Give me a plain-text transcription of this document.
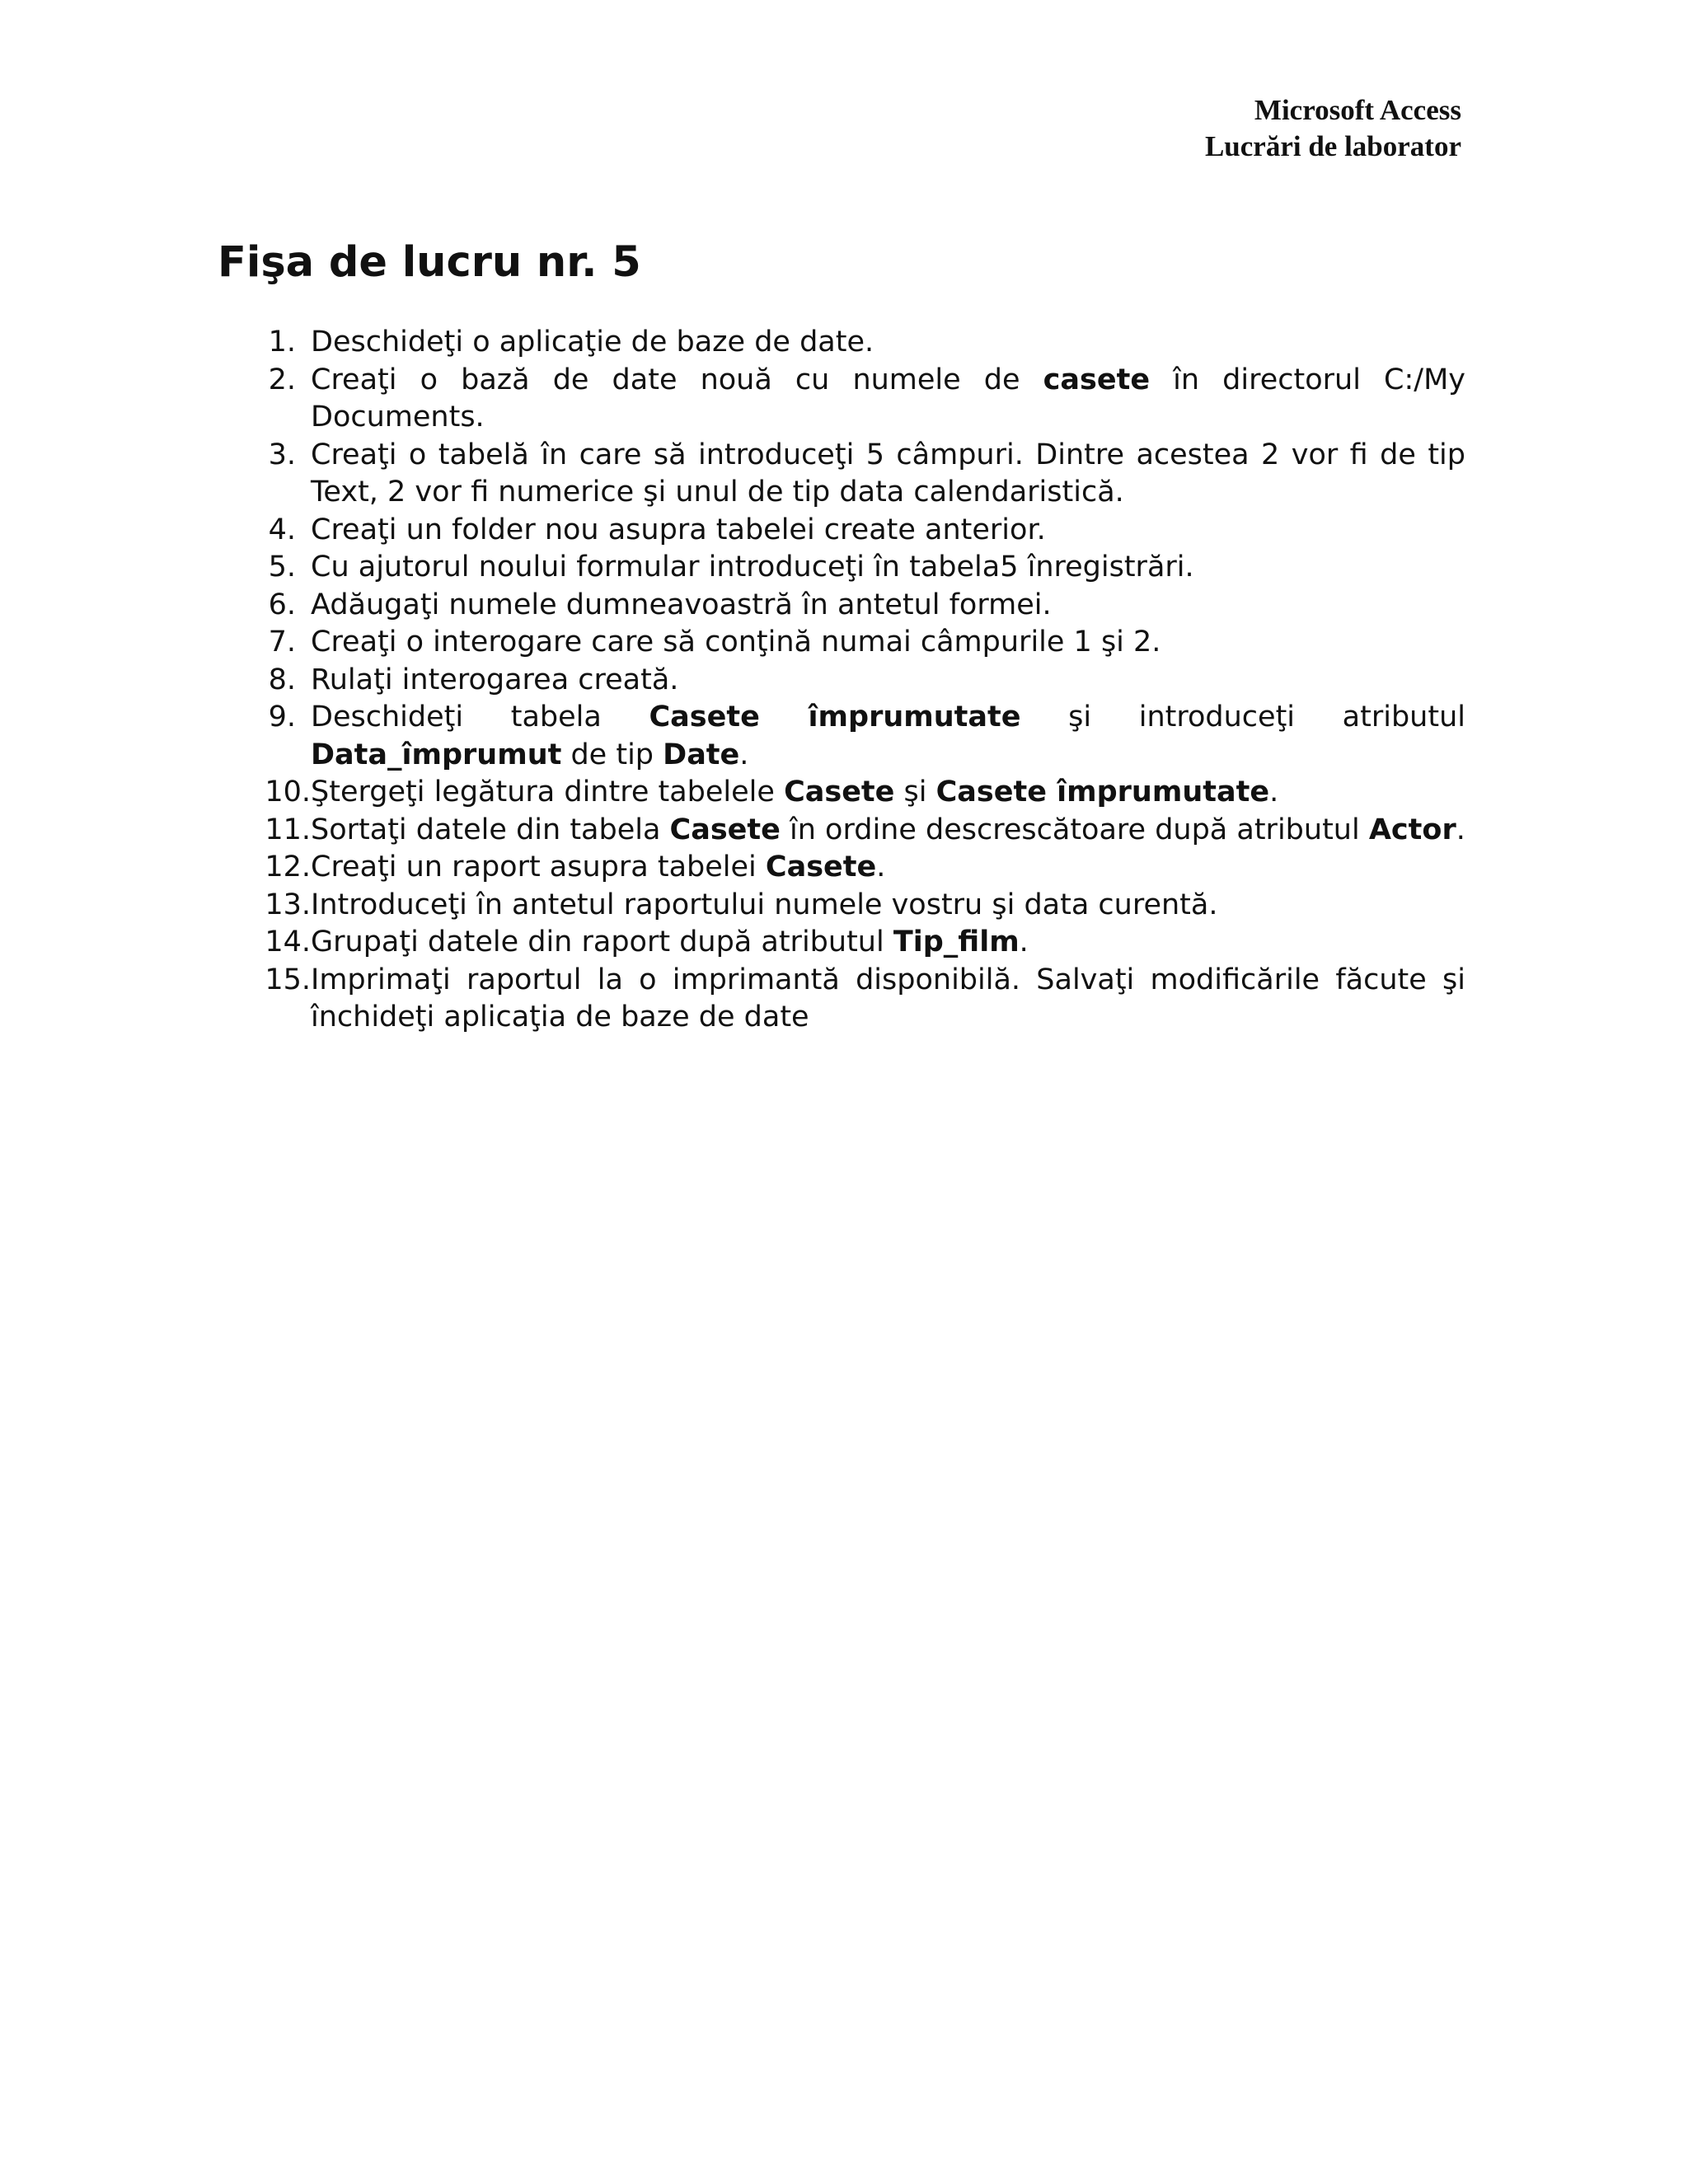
Microsoft Access
Lucrări de laborator
Fişa de lucru nr. 5
1. Deschideţi o aplicaţie de baze de date.
2. Creaţi o bază de date nouă cu numele de casete în directorul C:/My Documents.
3. Creaţi o tabelă în care să introduceţi 5 câmpuri. Dintre acestea 2 vor fi de tip Text, 2 vor fi numerice şi unul de tip data calendaristică.
4. Creaţi un folder nou asupra tabelei create anterior.
5. Cu ajutorul noului formular introduceţi în tabela5 înregistrări.
6. Adăugaţi numele dumneavoastră în antetul formei.
7. Creaţi o interogare care să conţină numai câmpurile 1 şi 2.
8. Rulaţi interogarea creată.
9. Deschideţi tabela Casete împrumutate şi introduceţi atributul Data_împrumut de tip Date.
10. Ştergeţi legătura dintre tabelele Casete şi Casete împrumutate.
11. Sortaţi datele din tabela Casete în ordine descrescătoare după atributul Actor.
12. Creaţi un raport asupra tabelei Casete.
13. Introduceţi în antetul raportului numele vostru şi data curentă.
14. Grupaţi datele din raport după atributul Tip_film.
15. Imprimaţi raportul la o imprimantă disponibilă. Salvaţi modificările făcute şi închideţi aplicaţia de baze de date
